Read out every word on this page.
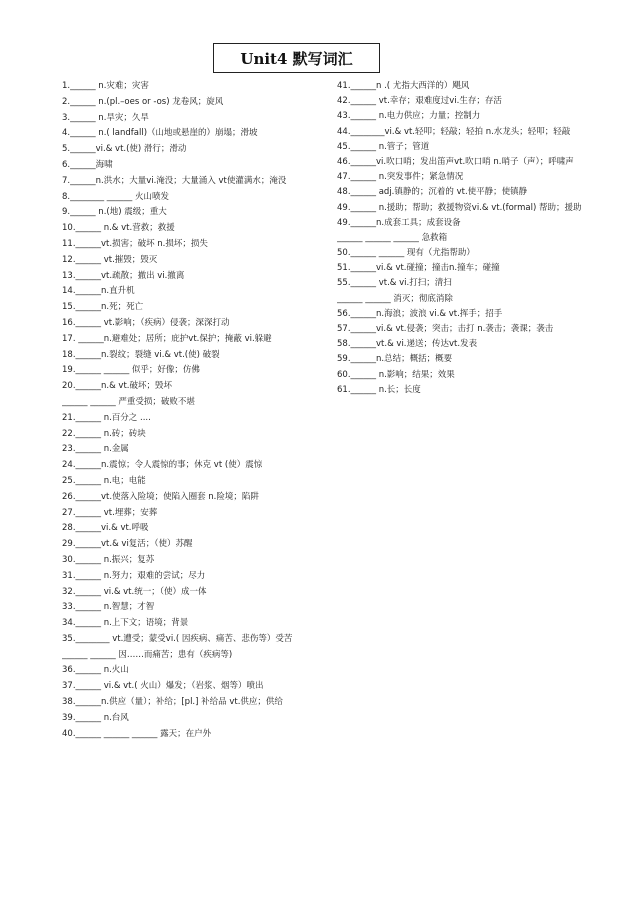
Unit4 默写词汇
1.______ n.灾难；灾害
2.______ n.(pl.–oes or -os) 龙卷风；旋风
3.______ n.旱灾；久旱
4.______ n.( landfall)（山地或悬崖的）崩塌；滑坡
5.______vi.& vt.(使) 滑行；滑动
6.______海啸
7.______n.洪水；大量vi.淹没；大量涌入 vt使灌满水；淹没
8.________ ______ 火山喷发
9.______ n.(地) 震级；重大
10.______ n.& vt.营救；救援
11.______vt.损害；破坏 n.损坏；损失
12.______ vt.摧毁；毁灭
13.______vt.疏散；撤出 vi.撤离
14.______n.直升机
15.______n.死；死亡
16.______ vt.影响；（疾病）侵袭；深深打动
17. ______n.避难处；居所；庇护vt.保护；掩蔽 vi.躲避
18.______n.裂纹；裂缝 vi.& vt.(使) 破裂
19.______ ______ 似乎；好像；仿佛
20.______n.& vt.破坏；毁坏
______ ______ 严重受损；破败不堪
21.______ n.百分之 ....
22.______ n.砖；砖块
23.______ n.金属
24.______n.震惊；令人震惊的事；休克 vt (使）震惊
25.______ n.电；电能
26.______vt.使落入险境；使陷入圈套 n.险境；陷阱
27.______ vt.埋葬；安葬
28.______vi.& vt.呼吸
29.______vt.& vi复活；（使）苏醒
30.______ n.振兴；复苏
31.______ n.努力；艰难的尝试；尽力
32.______ vi.& vt.统一；（使）成一体
33.______ n.智慧；才智
34.______ n.上下文；语境；背景
35.________ vt.遭受；蒙受vi.( 因疾病、痛苦、悲伤等）受苦
______ ______ 因……而痛苦；患有（疾病等)
36.______ n.火山
37.______ vi.& vt.( 火山）爆发；（岩浆、烟等）喷出
38.______n.供应（量）；补给；[pl.] 补给品 vt.供应；供给
39.______ n.台风
40.______ ______ ______ 露天；在户外
41.______n .( 尤指大西洋的）飓风
42.______ vt.幸存；艰难度过vi.生存；存活
43.______ n.电力供应；力量；控制力
44.________vi.& vt.轻叩；轻敲；轻拍 n.水龙头；轻叩；轻敲
45.______ n.管子；管道
46.______vi.吹口哨；发出笛声vt.吹口哨 n.哨子（声）；呼啸声
47.______ n.突发事件；紧急情况
48.______ adj.镇静的；沉着的 vt.使平静；使镇静
49.______ n.援助；帮助；救援物资vi.& vt.(formal) 帮助；援助
49.______n.成套工具；成套设备
______ ______ ______ 急救箱
50.______ ______ 现有（尤指帮助）
51.______vi.& vt.碰撞；撞击n.撞车；碰撞
55.______ vt.& vi.打扫；清扫
______ ______ 消灭；彻底消除
56.______n.海浪；波浪 vi.& vt.挥手；招手
57.______vi.& vt.侵袭；突击；击打 n.袭击；袭课；袭击
58.______vt.& vi.递送；传达vt.发表
59.______n.总结；概括；概要
60.______ n.影响；结果；效果
61.______ n.长；长度
